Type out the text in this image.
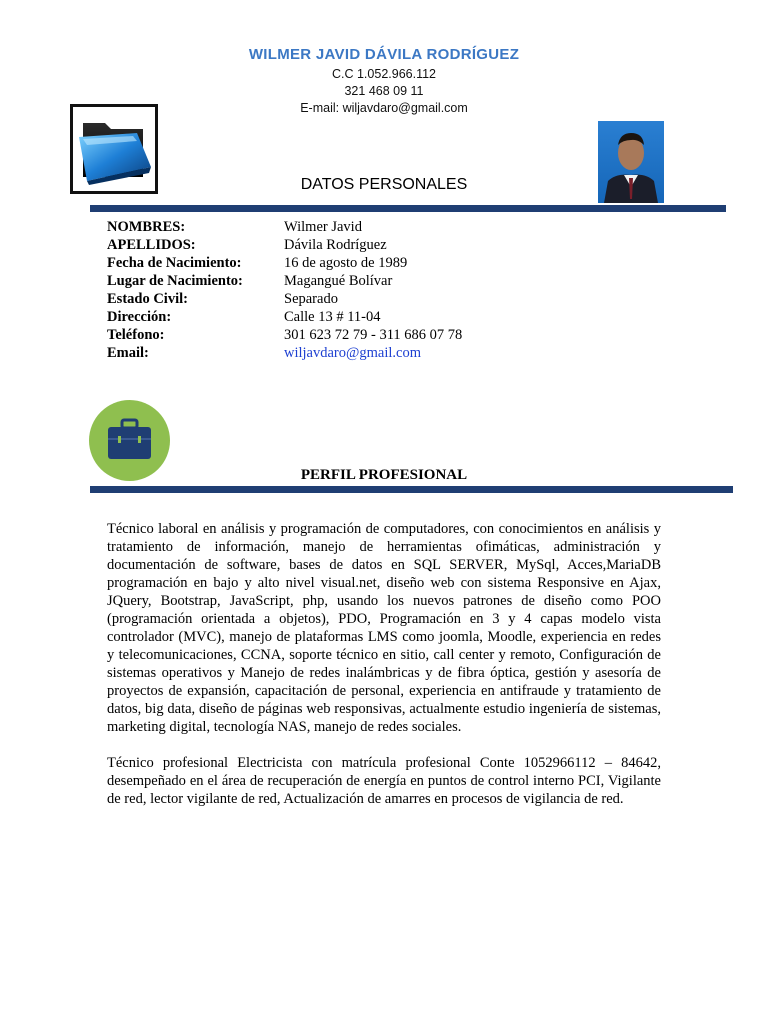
WILMER JAVID DÁVILA RODRÍGUEZ
C.C 1.052.966.112
321 468 09 11
E-mail: wiljavdaro@gmail.com
DATOS PERSONALES
NOMBRES:	Wilmer Javid
APELLIDOS:	Dávila Rodríguez
Fecha de Nacimiento:	16 de agosto de 1989
Lugar de Nacimiento:	Magangué Bolívar
Estado Civil:	Separado
Dirección:	Calle 13 # 11-04
Teléfono:	301 623 72 79 - 311 686 07 78
Email:	wiljavdaro@gmail.com
PERFIL PROFESIONAL

Técnico laboral en análisis y programación de computadores, con conocimientos en análisis y tratamiento de información, manejo de herramientas ofimáticas, administración y documentación de software, bases de datos en SQL SERVER, MySql, Acces,MariaDB programación en bajo y alto nivel visual.net, diseño web con sistema Responsive en Ajax, JQuery, Bootstrap, JavaScript, php, usando los nuevos patrones de diseño como POO (programación orientada a objetos), PDO, Programación en 3 y 4 capas modelo vista controlador (MVC), manejo de plataformas LMS como joomla, Moodle, experiencia en redes y telecomunicaciones, CCNA, soporte técnico en sitio, call center y remoto, Configuración de sistemas operativos y Manejo de redes inalámbricas y de fibra óptica, gestión y asesoría de proyectos de expansión, capacitación de personal, experiencia en antifraude y tratamiento de datos, big data, diseño de páginas web responsivas, actualmente estudio ingeniería de sistemas, marketing digital, tecnología NAS, manejo de redes sociales.

Técnico profesional Electricista con matrícula profesional Conte 1052966112 – 84642, desempeñado en el área de recuperación de energía en puntos de control interno PCI, Vigilante de red, lector vigilante de red, Actualización de amarres en procesos de vigilancia de red.
